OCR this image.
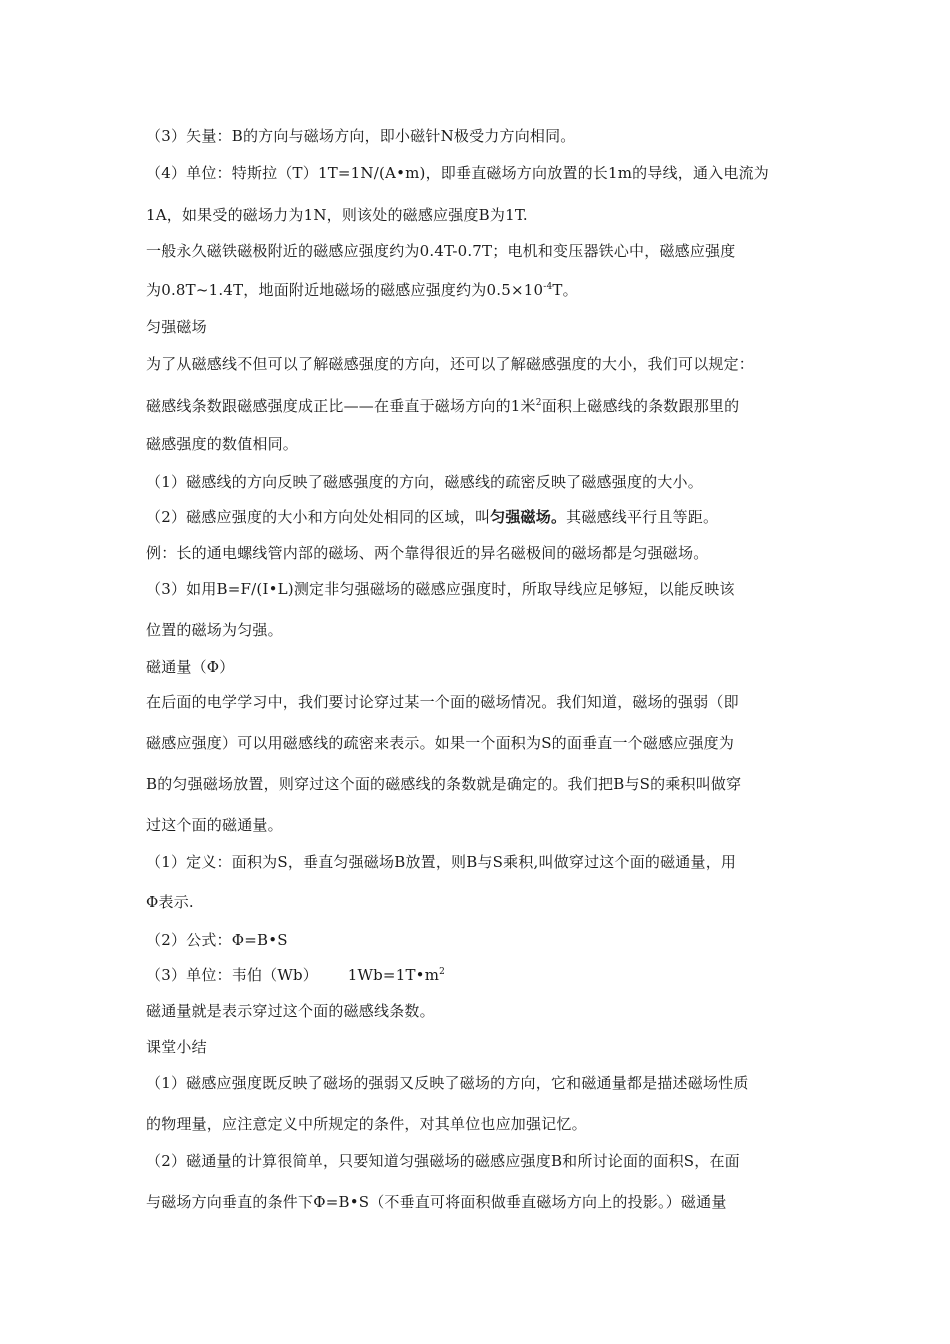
（3）矢量：B的方向与磁场方向，即小磁针N极受力方向相同。
（4）单位：特斯拉（T）1T=1N/(A•m)，即垂直磁场方向放置的长1m的导线，通入电流为
1A，如果受的磁场力为1N，则该处的磁感应强度B为1T.
一般永久磁铁磁极附近的磁感应强度约为0.4T-0.7T；电机和变压器铁心中，磁感应强度
为0.8T~1.4T，地面附近地磁场的磁感应强度约为$0.5\times 10^{-4}T$。
匀强磁场
为了从磁感线不但可以了解磁感强度的方向，还可以了解磁感强度的大小，我们可以规定：
磁感线条数跟磁感强度成正比——在垂直于磁场方向的1米$^2$面积上磁感线的条数跟那里的
磁感强度的数值相同。
（1）磁感线的方向反映了磁感强度的方向，磁感线的疏密反映了磁感强度的大小。
（2）磁感应强度的大小和方向处处相同的区域，叫匀强磁场。其磁感线平行且等距。
例：长的通电螺线管内部的磁场、两个靠得很近的异名磁极间的磁场都是匀强磁场。
（3）如用B=F/(I•L)测定非匀强磁场的磁感应强度时，所取导线应足够短，以能反映该
位置的磁场为匀强。
磁通量（Φ）
在后面的电学学习中，我们要讨论穿过某一个面的磁场情况。我们知道，磁场的强弱（即
磁感应强度）可以用磁感线的疏密来表示。如果一个面积为S的面垂直一个磁感应强度为
B的匀强磁场放置，则穿过这个面的磁感线的条数就是确定的。我们把B与S的乘积叫做穿
过这个面的磁通量。
（1）定义：面积为S，垂直匀强磁场B放置，则B与S乘积,叫做穿过这个面的磁通量，用
Φ表示.
（2）公式：Φ=B•S
（3）单位：韦伯（Wb）      $1Wb=1T•m^2$
磁通量就是表示穿过这个面的磁感线条数。
课堂小结
（1）磁感应强度既反映了磁场的强弱又反映了磁场的方向，它和磁通量都是描述磁场性质
的物理量，应注意定义中所规定的条件，对其单位也应加强记忆。
（2）磁通量的计算很简单，只要知道匀强磁场的磁感应强度B和所讨论面的面积S，在面
与磁场方向垂直的条件下Φ=B•S（不垂直可将面积做垂直磁场方向上的投影。）磁通量
